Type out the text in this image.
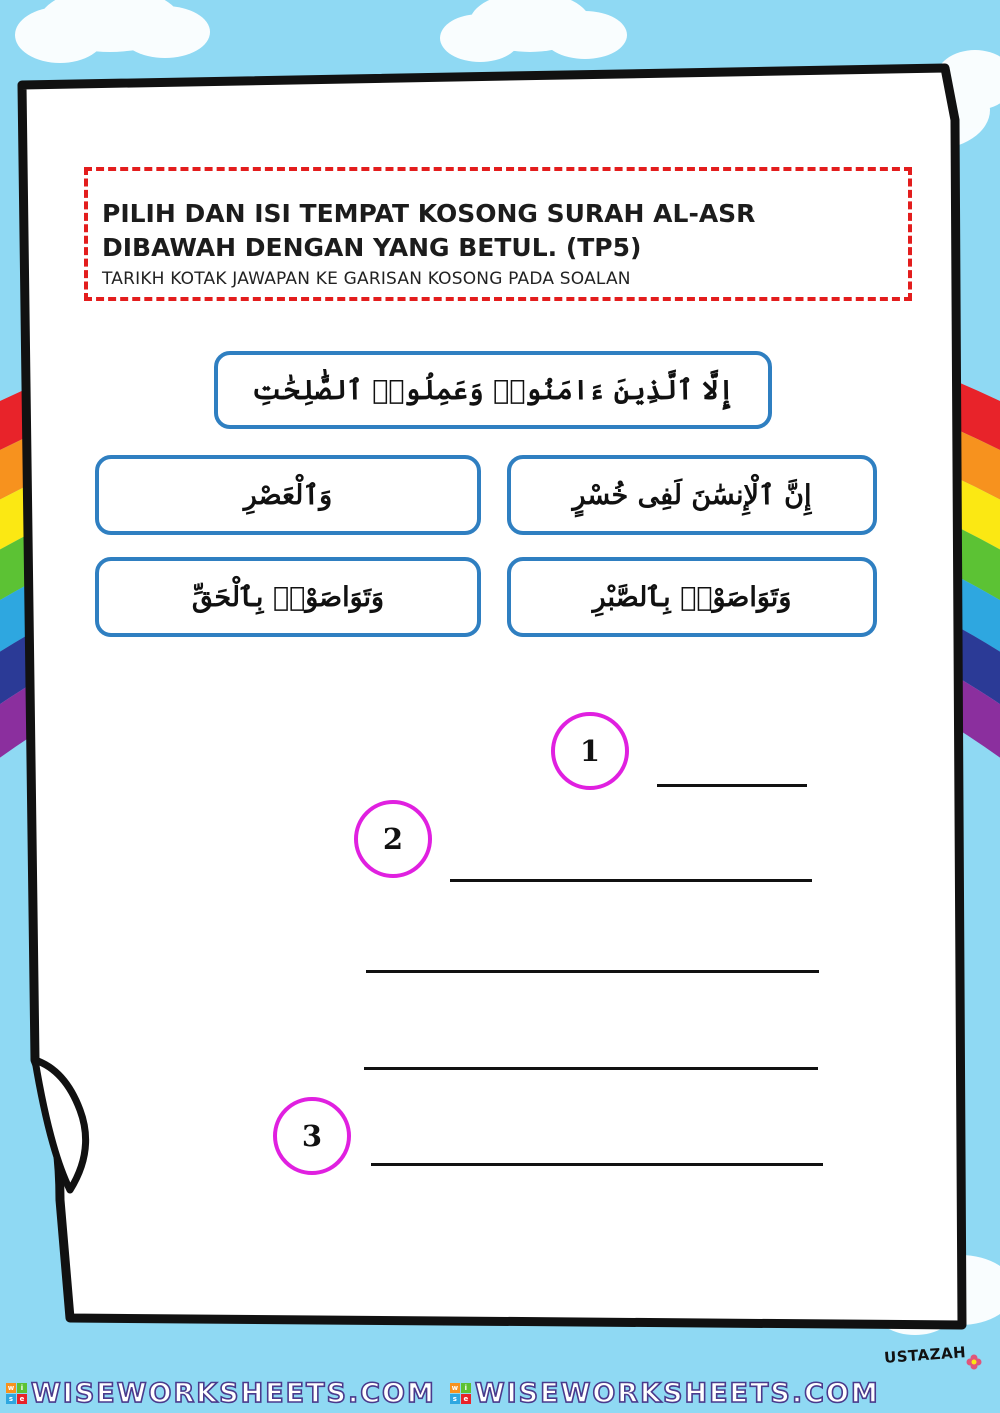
PILIH DAN ISI TEMPAT KOSONG SURAH AL-ASR
DIBAWAH DENGAN YANG BETUL. (TP5)
TARIKH KOTAK JAWAPAN KE GARISAN KOSONG PADA SOALAN
إِلَّا ٱلَّذِينَ ءَامَنُوا۟ وَعَمِلُوا۟ ٱلصَّٰلِحَٰتِ
وَٱلْعَصْرِ	إِنَّ ٱلْإِنسَٰنَ لَفِى خُسْرٍ
وَتَوَاصَوْا۟ بِٱلْحَقِّ	وَتَوَاصَوْا۟ بِٱلصَّبْرِ
1
2
3
USTAZAH
w i
s e WISEWORKSHEETS.COM w i
s e WISEWORKSHEETS.COM
